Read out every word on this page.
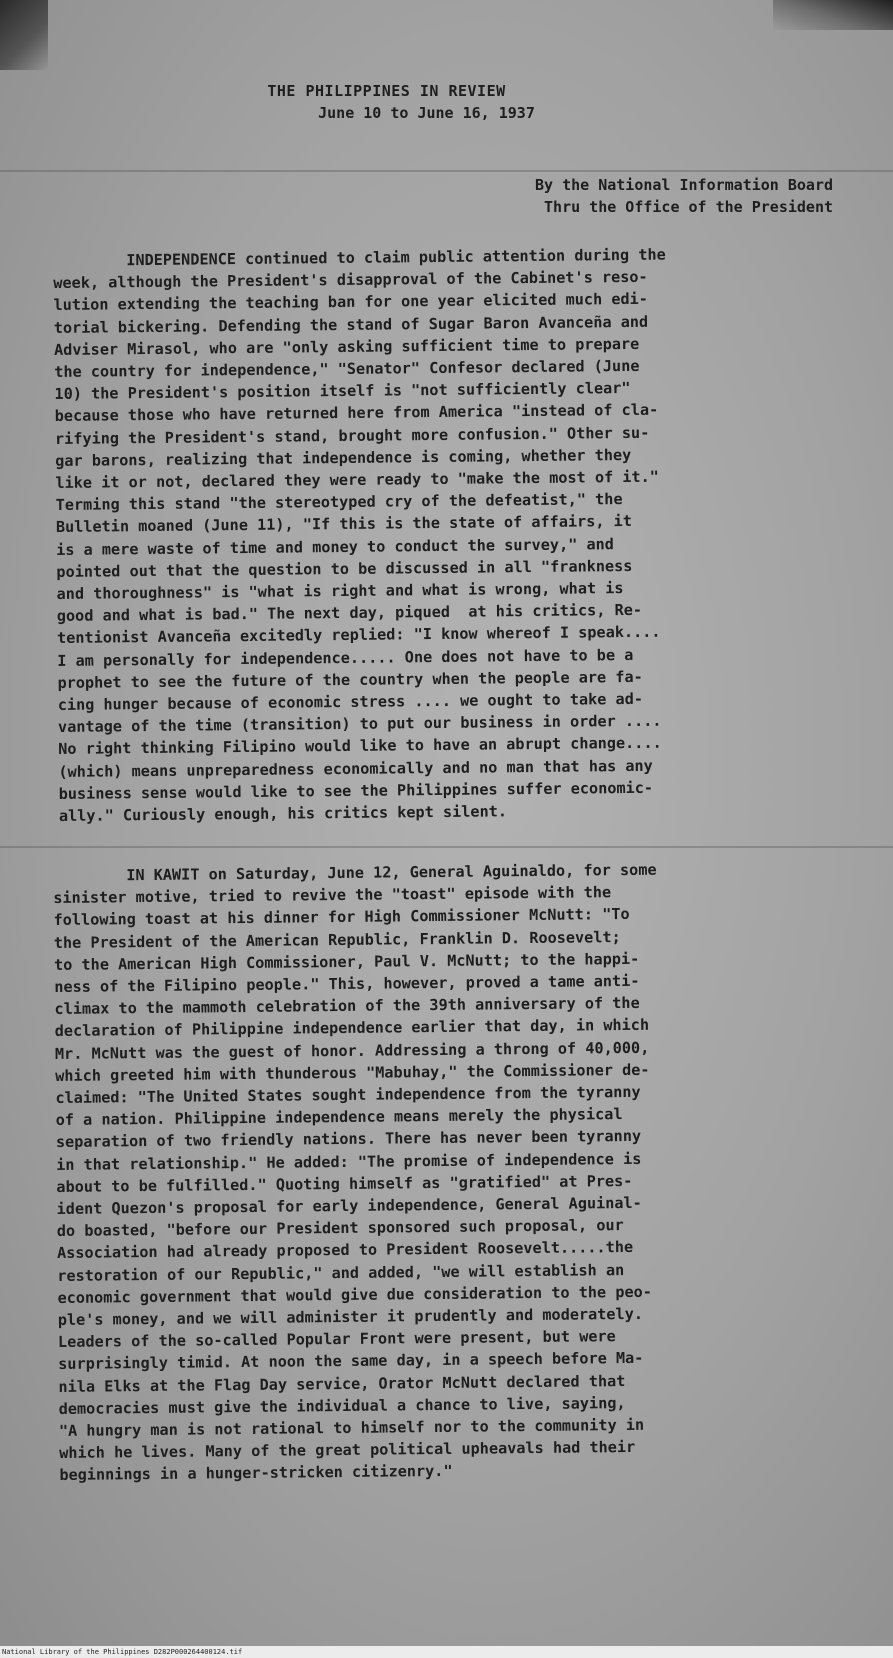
THE PHILIPPINES IN REVIEW
June 10 to June 16, 1937
By the National Information Board
Thru the Office of the President
INDEPENDENCE continued to claim public attention during the
week, although the President's disapproval of the Cabinet's reso-
lution extending the teaching ban for one year elicited much edi-
torial bickering. Defending the stand of Sugar Baron Avanceña and
Adviser Mirasol, who are "only asking sufficient time to prepare
the country for independence," "Senator" Confesor declared (June
10) the President's position itself is "not sufficiently clear"
because those who have returned here from America "instead of cla-
rifying the President's stand, brought more confusion." Other su-
gar barons, realizing that independence is coming, whether they
like it or not, declared they were ready to "make the most of it."
Terming this stand "the stereotyped cry of the defeatist," the
Bulletin moaned (June 11), "If this is the state of affairs, it
is a mere waste of time and money to conduct the survey," and
pointed out that the question to be discussed in all "frankness
and thoroughness" is "what is right and what is wrong, what is
good and what is bad." The next day, piqued  at his critics, Re-
tentionist Avanceña excitedly replied: "I know whereof I speak....
I am personally for independence..... One does not have to be a
prophet to see the future of the country when the people are fa-
cing hunger because of economic stress .... we ought to take ad-
vantage of the time (transition) to put our business in order ....
No right thinking Filipino would like to have an abrupt change....
(which) means unpreparedness economically and no man that has any
business sense would like to see the Philippines suffer economic-
ally." Curiously enough, his critics kept silent.
IN KAWIT on Saturday, June 12, General Aguinaldo, for some
sinister motive, tried to revive the "toast" episode with the
following toast at his dinner for High Commissioner McNutt: "To
the President of the American Republic, Franklin D. Roosevelt;
to the American High Commissioner, Paul V. McNutt; to the happi-
ness of the Filipino people." This, however, proved a tame anti-
climax to the mammoth celebration of the 39th anniversary of the
declaration of Philippine independence earlier that day, in which
Mr. McNutt was the guest of honor. Addressing a throng of 40,000,
which greeted him with thunderous "Mabuhay," the Commissioner de-
claimed: "The United States sought independence from the tyranny
of a nation. Philippine independence means merely the physical
separation of two friendly nations. There has never been tyranny
in that relationship." He added: "The promise of independence is
about to be fulfilled." Quoting himself as "gratified" at Pres-
ident Quezon's proposal for early independence, General Aguinal-
do boasted, "before our President sponsored such proposal, our
Association had already proposed to President Roosevelt.....the
restoration of our Republic," and added, "we will establish an
economic government that would give due consideration to the peo-
ple's money, and we will administer it prudently and moderately.
Leaders of the so-called Popular Front were present, but were
surprisingly timid. At noon the same day, in a speech before Ma-
nila Elks at the Flag Day service, Orator McNutt declared that
democracies must give the individual a chance to live, saying,
"A hungry man is not rational to himself nor to the community in
which he lives. Many of the great political upheavals had their
beginnings in a hunger-stricken citizenry."
National Library of the Philippines D282P000264400124.tif
